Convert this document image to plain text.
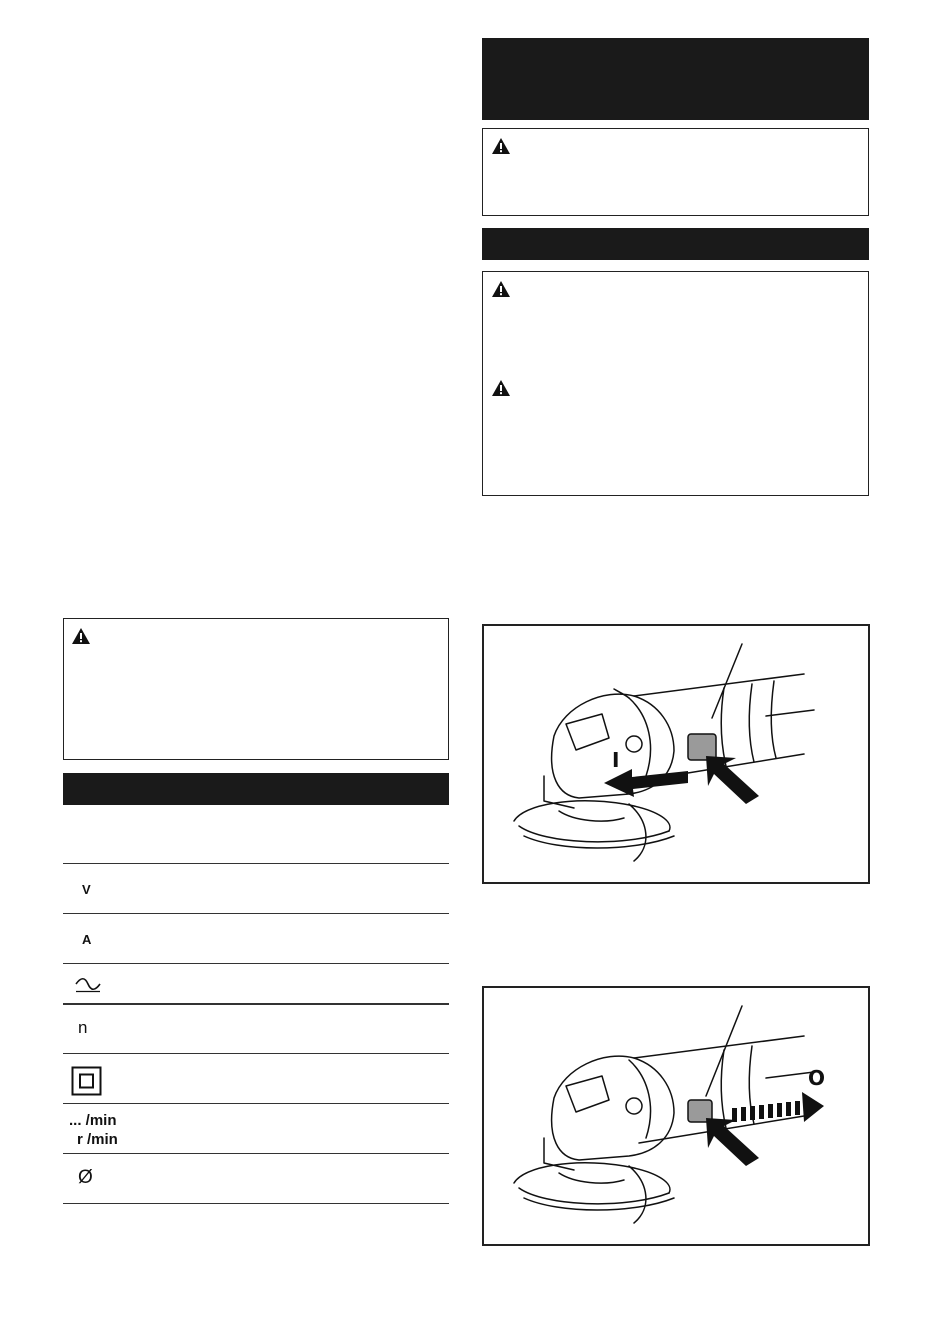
V
A
n
... /min
r /min
Ø
I
O
